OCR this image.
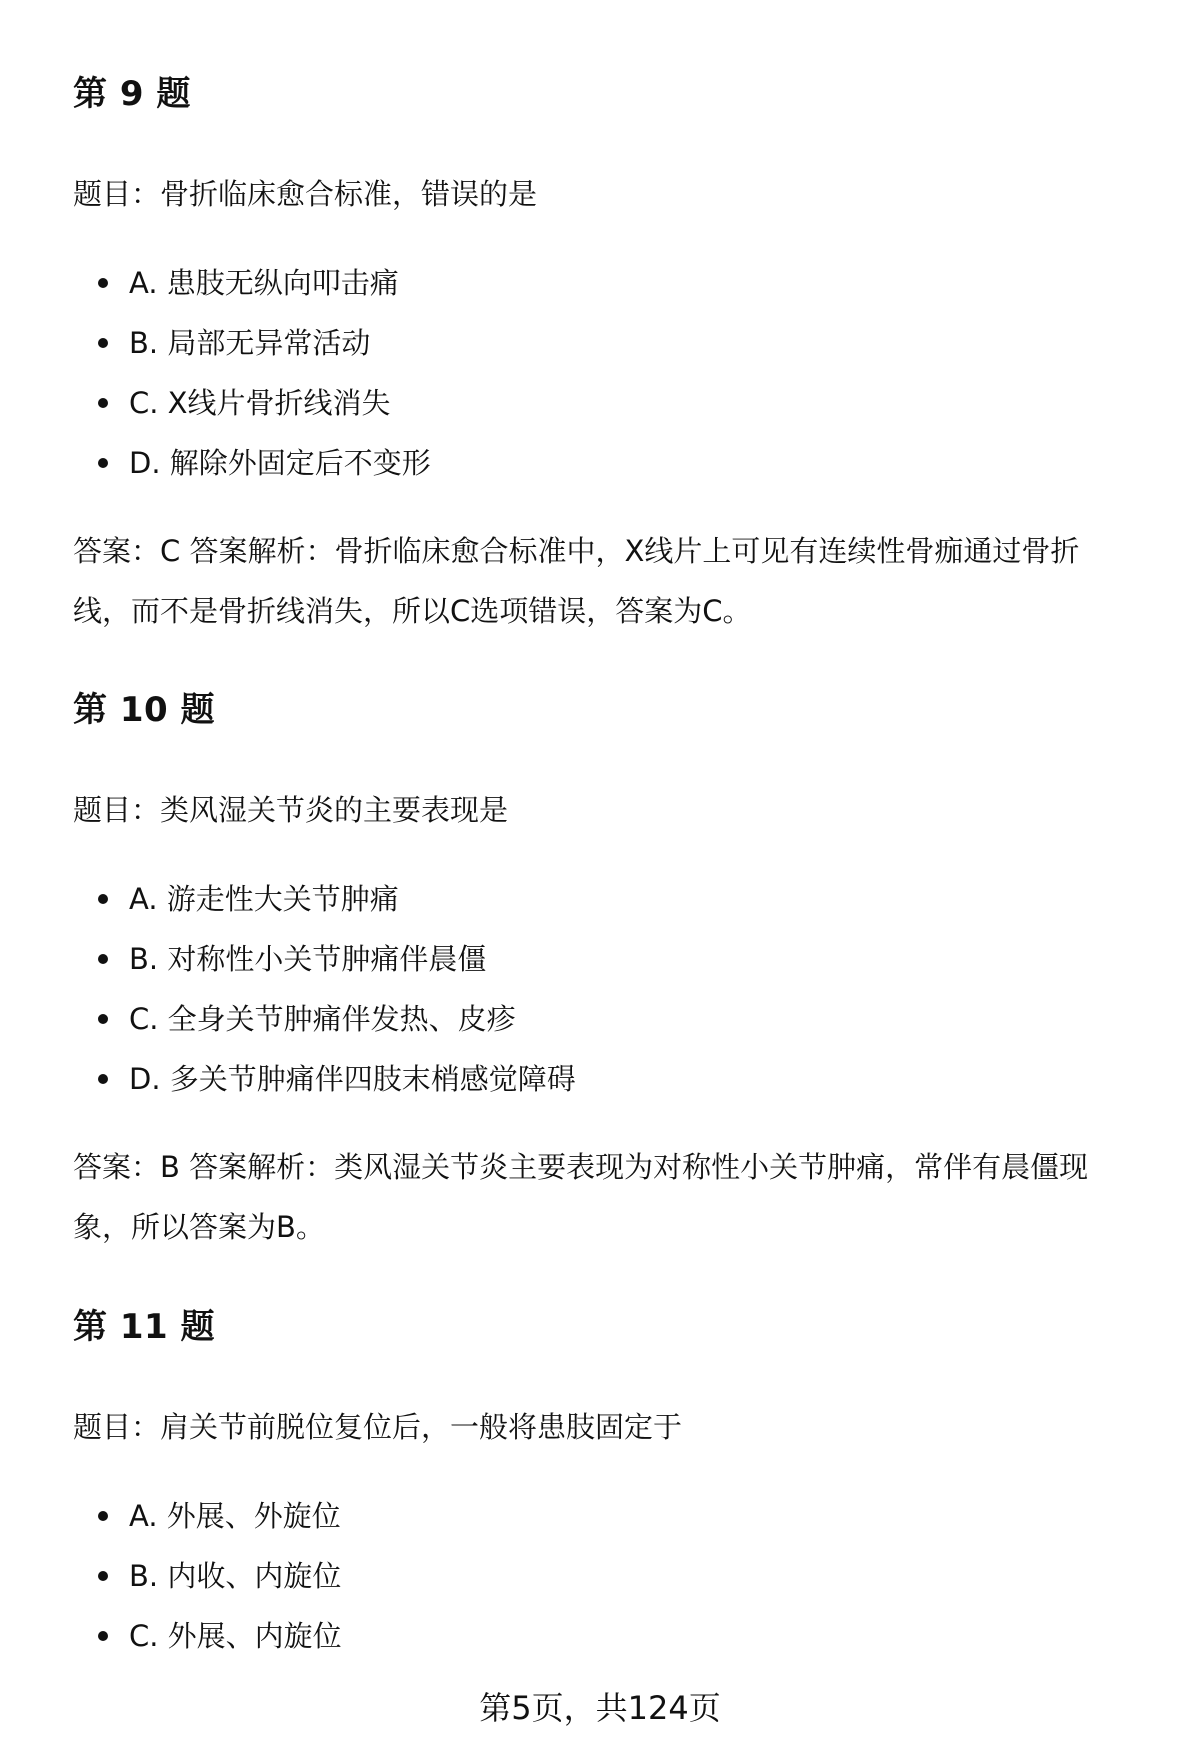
第 9 题

题目：骨折临床愈合标准，错误的是

A. 患肢无纵向叩击痛
B. 局部无异常活动
C. X线片骨折线消失
D. 解除外固定后不变形

答案：C 答案解析：骨折临床愈合标准中，X线片上可见有连续性骨痂通过骨折线，而不是骨折线消失，所以C选项错误，答案为C。

第 10 题

题目：类风湿关节炎的主要表现是

A. 游走性大关节肿痛
B. 对称性小关节肿痛伴晨僵
C. 全身关节肿痛伴发热、皮疹
D. 多关节肿痛伴四肢末梢感觉障碍

答案：B 答案解析：类风湿关节炎主要表现为对称性小关节肿痛，常伴有晨僵现象，所以答案为B。

第 11 题

题目：肩关节前脱位复位后，一般将患肢固定于

A. 外展、外旋位
B. 内收、内旋位
C. 外展、内旋位

第5页，共124页
